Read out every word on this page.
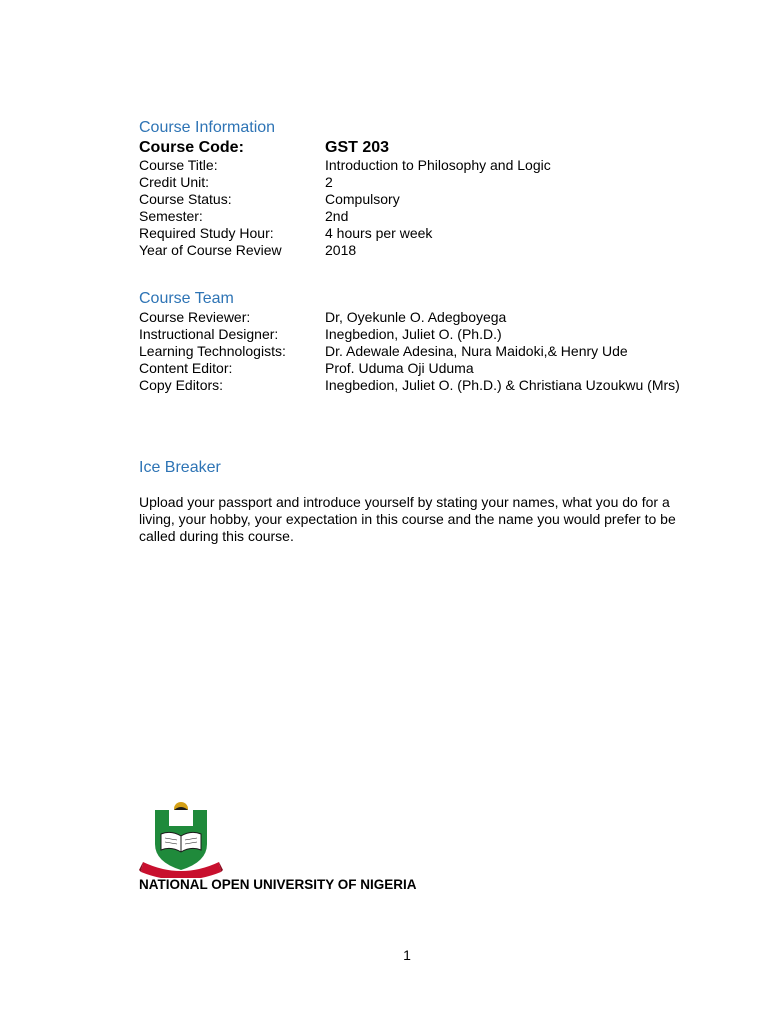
Course Information
Course Code:	GST 203
Course Title:	Introduction to Philosophy and Logic
Credit Unit:	2
Course Status:	Compulsory
Semester:	2nd
Required Study Hour:	4 hours per week
Year of Course Review	2018
Course Team
Course Reviewer:	Dr, Oyekunle O. Adegboyega
Instructional Designer:	Inegbedion, Juliet O. (Ph.D.)
Learning Technologists:	Dr. Adewale Adesina, Nura Maidoki,& Henry Ude
Content Editor:	Prof. Uduma Oji Uduma
Copy Editors:	Inegbedion, Juliet O. (Ph.D.) & Christiana Uzoukwu (Mrs)
Ice Breaker

Upload your passport and introduce yourself by stating your names, what you do for a living, your hobby, your expectation in this course and the name you would prefer to be called during this course.

NATIONAL OPEN UNIVERSITY OF NIGERIA
1
